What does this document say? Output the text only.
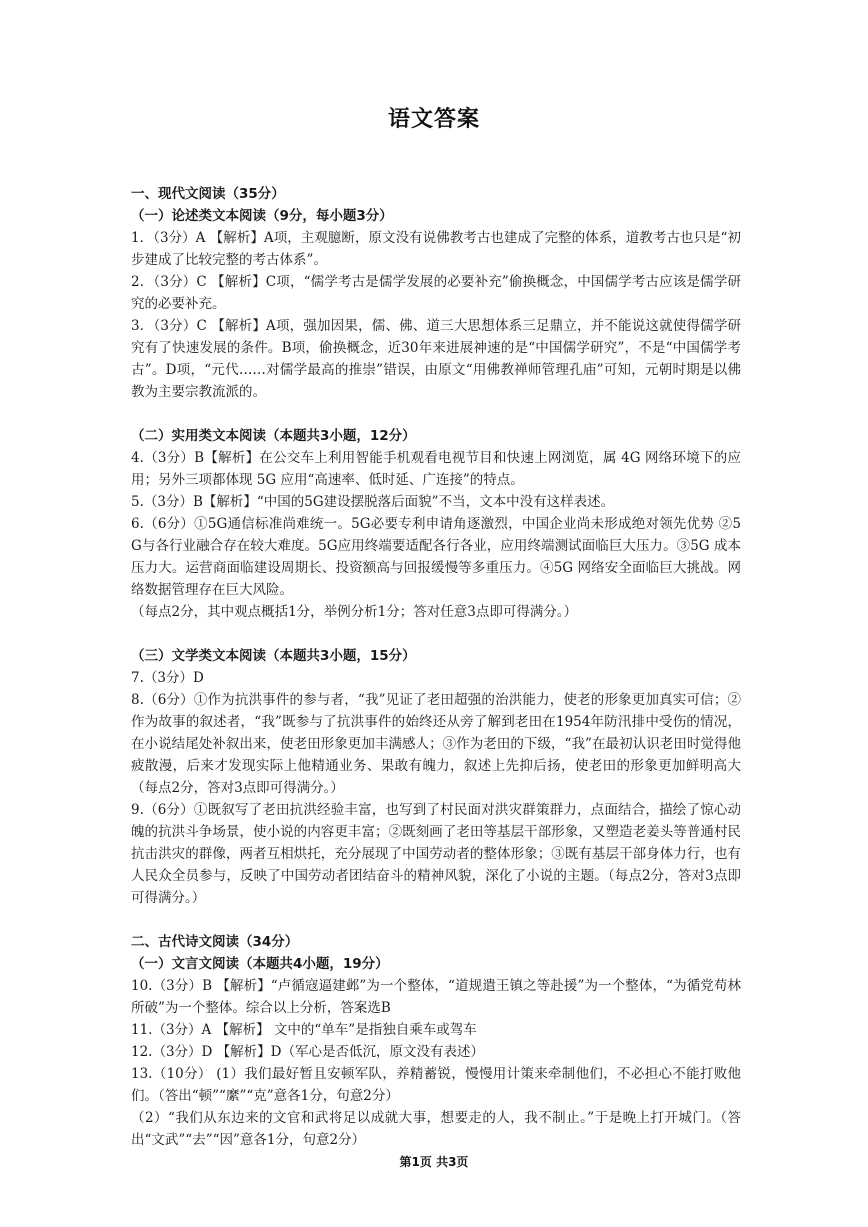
语文答案
一、现代文阅读（35分）
（一）论述类文本阅读（9分，每小题3分）
1．（3分）A 【解析】A项，主观臆断，原文没有说佛教考古也建成了完整的体系，道教考古也只是“初步建成了比较完整的考古体系”。
2．（3分）C 【解析】C项，“儒学考古是儒学发展的必要补充”偷换概念，中国儒学考古应该是儒学研究的必要补充。
3．（3分）C 【解析】A项，强加因果，儒、佛、道三大思想体系三足鼎立，并不能说这就使得儒学研究有了快速发展的条件。B项，偷换概念，近30年来进展神速的是“中国儒学研究”，不是“中国儒学考古”。D项，“元代……对儒学最高的推崇”错误，由原文“用佛教禅师管理孔庙”可知，元朝时期是以佛教为主要宗教流派的。
（二）实用类文本阅读（本题共3小题，12分）
4.（3分）B【解析】在公交车上利用智能手机观看电视节目和快速上网浏览，属 4G 网络环境下的应用；另外三项都体现 5G 应用“高速率、低时延、广连接”的特点。
5.（3分）B【解析】“中国的5G建设摆脱落后面貌”不当，文本中没有这样表述。
6.（6分）①5G通信标准尚难统一。5G必要专利申请角逐激烈，中国企业尚未形成绝对领先优势 ②5G与各行业融合存在较大难度。5G应用终端要适配各行各业，应用终端测试面临巨大压力。③5G 成本压力大。运营商面临建设周期长、投资额高与回报缓慢等多重压力。④5G 网络安全面临巨大挑战。网络数据管理存在巨大风险。
（每点2分，其中观点概括1分，举例分析1分；答对任意3点即可得满分。）
（三）文学类文本阅读（本题共3小题，15分）
7.（3分）D
8.（6分）①作为抗洪事件的参与者，“我”见证了老田超强的治洪能力，使老的形象更加真实可信；②作为故事的叙述者，“我”既参与了抗洪事件的始终还从旁了解到老田在1954年防汛排中受伤的情况，在小说结尾处补叙出来，使老田形象更加丰满感人；③作为老田的下级，“我”在最初认识老田时觉得他疲散漫，后来才发现实际上他精通业务、果敢有魄力，叙述上先抑后扬，使老田的形象更加鲜明高大（每点2分，答对3点即可得满分。）
9.（6分）①既叙写了老田抗洪经验丰富，也写到了村民面对洪灾群策群力，点面结合，描绘了惊心动魄的抗洪斗争场景，使小说的内容更丰富；②既刻画了老田等基层干部形象，又塑造老姜头等普通村民抗击洪灾的群像，两者互相烘托，充分展现了中国劳动者的整体形象；③既有基层干部身体力行，也有人民众全员参与，反映了中国劳动者团结奋斗的精神风貌，深化了小说的主题。（每点2分，答对3点即可得满分。）
二、古代诗文阅读（34分）
（一）文言文阅读（本题共4小题，19分）
10.（3分）B 【解析】“卢循寇逼建邺”为一个整体，“道规遣王镇之等赴援”为一个整体，“为循党苟林所破”为一个整体。综合以上分析，答案选B
11.（3分）A 【解析】 文中的“单车”是指独自乘车或驾车
12.（3分）D 【解析】D（军心是否低沉，原文没有表述）
13.（10分） (1）我们最好暂且安顿军队，养精蓄锐，慢慢用计策来牵制他们，不必担心不能打败他们。（答出“顿”“縻”“克”意各1分，句意2分）
（2）“我们从东边来的文官和武将足以成就大事，想要走的人，我不制止。”于是晚上打开城门。（答出“文武”“去”“因”意各1分，句意2分）
第1页 共3页
